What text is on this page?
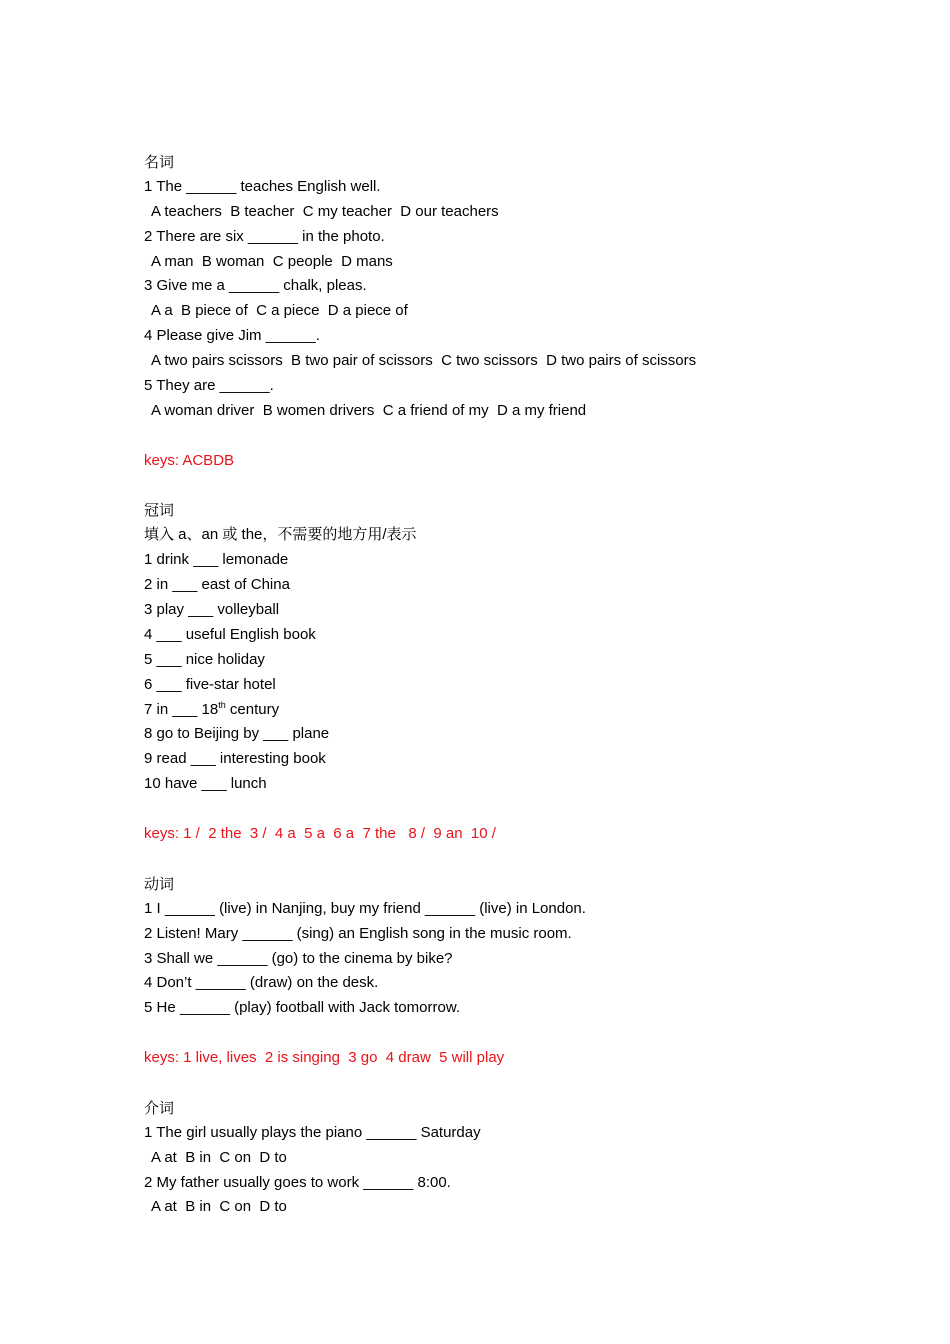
名词
1 The ______ teaches English well.
A teachers  B teacher  C my teacher  D our teachers
2 There are six ______ in the photo.
A man  B woman  C people  D mans
3 Give me a ______ chalk, pleas.
A a  B piece of  C a piece  D a piece of
4 Please give Jim ______.
A two pairs scissors  B two pair of scissors  C two scissors  D two pairs of scissors
5 They are ______.
A woman driver  B women drivers  C a friend of my  D a my friend
keys: ACBDB
冠词
填入 a、an 或 the，不需要的地方用/表示
1 drink ___ lemonade
2 in ___ east of China
3 play ___ volleyball
4 ___ useful English book
5 ___ nice holiday
6 ___ five-star hotel
7 in ___ 18th century
8 go to Beijing by ___ plane
9 read ___ interesting book
10 have ___ lunch
keys: 1 /  2 the  3 /  4 a  5 a  6 a  7 the   8 /  9 an  10 /
动词
1 I ______ (live) in Nanjing, buy my friend ______ (live) in London.
2 Listen! Mary ______ (sing) an English song in the music room.
3 Shall we ______ (go) to the cinema by bike?
4 Don’t ______ (draw) on the desk.
5 He ______ (play) football with Jack tomorrow.
keys: 1 live, lives  2 is singing  3 go  4 draw  5 will play
介词
1 The girl usually plays the piano ______ Saturday
A at  B in  C on  D to
2 My father usually goes to work ______ 8:00.
A at  B in  C on  D to
